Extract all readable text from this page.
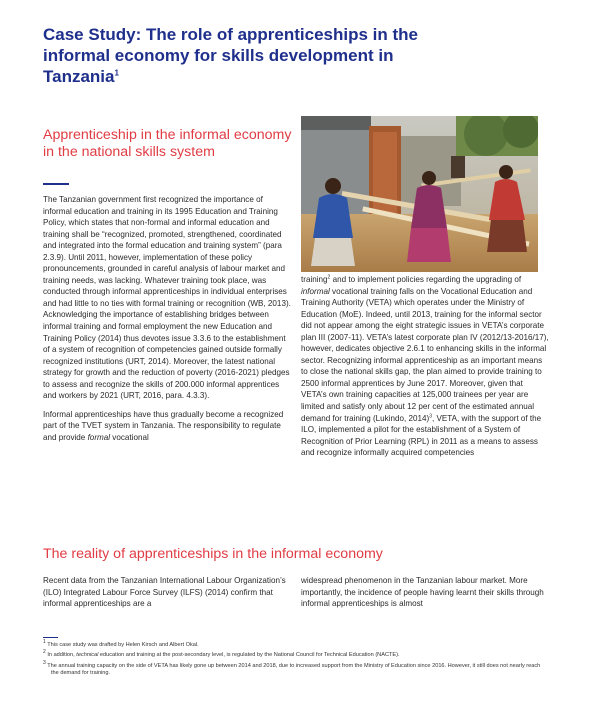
Case Study: The role of apprenticeships in the informal economy for skills development in Tanzania$^1$
Apprenticeship in the informal economy in the national skills system

The Tanzanian government first recognized the importance of informal education and training in its 1995 Education and Training Policy, which states that non-formal and informal education and training shall be “recognized, promoted, strengthened, coordinated and integrated into the formal education and training system” (para 2.3.9). Until 2011, however, implementation of these policy pronouncements, grounded in careful analysis of labour market and training needs, was lacking. Whatever training took place, was conducted through informal apprenticeships in individual enterprises and had little to no ties with formal training or recognition (WB, 2013). Acknowledging the importance of establishing bridges between informal training and formal employment the new Education and Training Policy (2014) thus devotes issue 3.3.6 to the establishment of a system of recognition of competencies gained outside formally recognized institutions (URT, 2014). Moreover, the latest national strategy for growth and the reduction of poverty (2016-2021) pledges to assess and recognize the skills of 200.000 informal apprentices and workers by 2021 (URT, 2016, para. 4.3.3).

Informal apprenticeships have thus gradually become a recognized part of the TVET system in Tanzania. The responsibility to regulate and provide formal vocational

training$^2$ and to implement policies regarding the upgrading of informal vocational training falls on the Vocational Education and Training Authority (VETA) which operates under the Ministry of Education (MoE). Indeed, until 2013, training for the informal sector did not appear among the eight strategic issues in VETA’s corporate plan III (2007-11). VETA’s latest corporate plan IV (2012/13-2016/17), however, dedicates objective 2.6.1 to enhancing skills in the informal sector. Recognizing informal apprenticeship as an important means to close the national skills gap, the plan aimed to provide training to 2500 informal apprentices by June 2017. Moreover, given that VETA’s own training capacities at 125,000 trainees per year are limited and satisfy only about 12 per cent of the estimated annual demand for training (Lukindo, 2014)$^3$, VETA, with the support of the ILO, implemented a pilot for the establishment of a System of Recognition of Prior Learning (RPL) in 2011 as a means to assess and recognize informally acquired competencies

The reality of apprenticeships in the informal economy

Recent data from the Tanzanian International Labour Organization’s (ILO) Integrated Labour Force Survey (ILFS) (2014) confirm that informal apprenticeships are a

widespread phenomenon in the Tanzanian labour market. More importantly, the incidence of people having learnt their skills through informal apprenticeships is almost

$^1$ This case study was drafted by Helen Kirsch and Albert Okal.
$^2$ In addition, technical education and training at the post-secondary level, is regulated by the National Council for Technical Education (NACTE).
$^3$ The annual training capacity on the side of VETA has likely gone up between 2014 and 2018, due to increased support from the Ministry of Education since 2016. However, it still does not nearly reach the demand for training.
